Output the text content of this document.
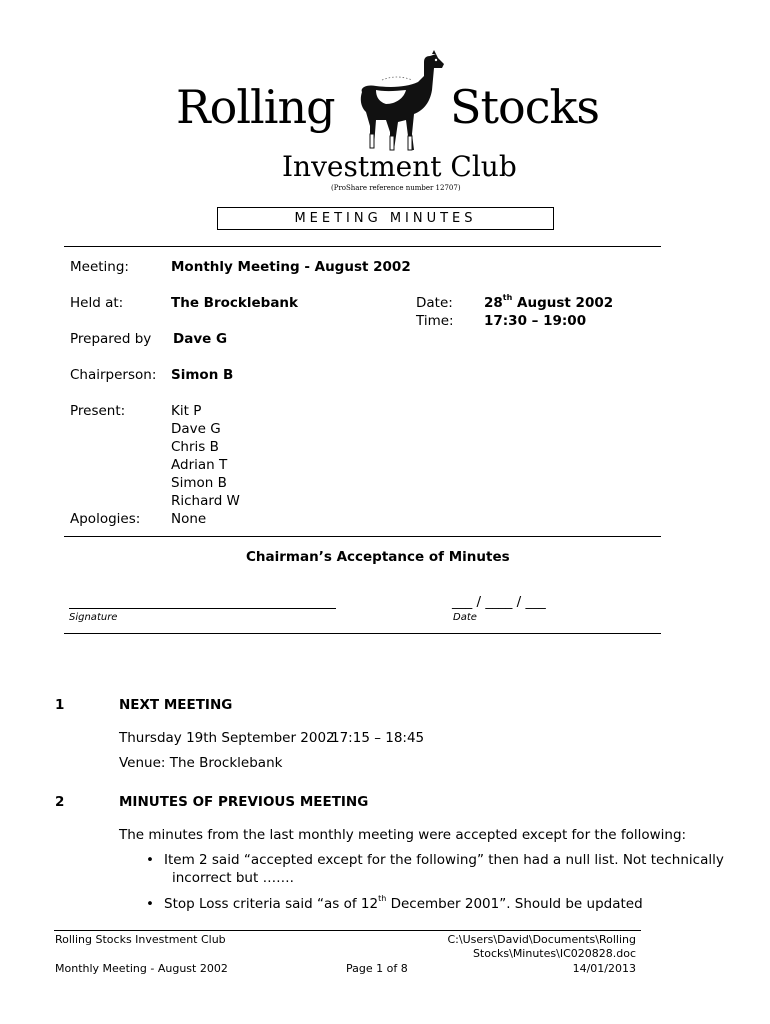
Rolling	Stocks
Investment Club
(ProShare reference number 12707)
MEETING MINUTES
Meeting:	Monthly Meeting - August 2002
Held at:	The Brocklebank	Date: 28th August 2002
Time: 17:30 – 19:00
Prepared by Dave G
Chairperson: Simon B
Present:	Kit P
Dave G
Chris B
Adrian T
Simon B
Richard W
Apologies: None
Chairman’s Acceptance of Minutes
Signature
___ / ____ / ___
Date
1	NEXT MEETING
Thursday 19th September 2002
17:15 – 18:45
Venue: The Brocklebank
2	MINUTES OF PREVIOUS MEETING
The minutes from the last monthly meeting were accepted except for the following:
• Item 2 said “accepted except for the following” then had a null list. Not technically
incorrect but …….
• Stop Loss criteria said “as of 12th December 2001”. Should be updated
Rolling Stocks Investment Club
Monthly Meeting - August 2002	Page 1 of 8
C:\Users\David\Documents\Rolling
Stocks\Minutes\IC020828.doc
14/01/2013
